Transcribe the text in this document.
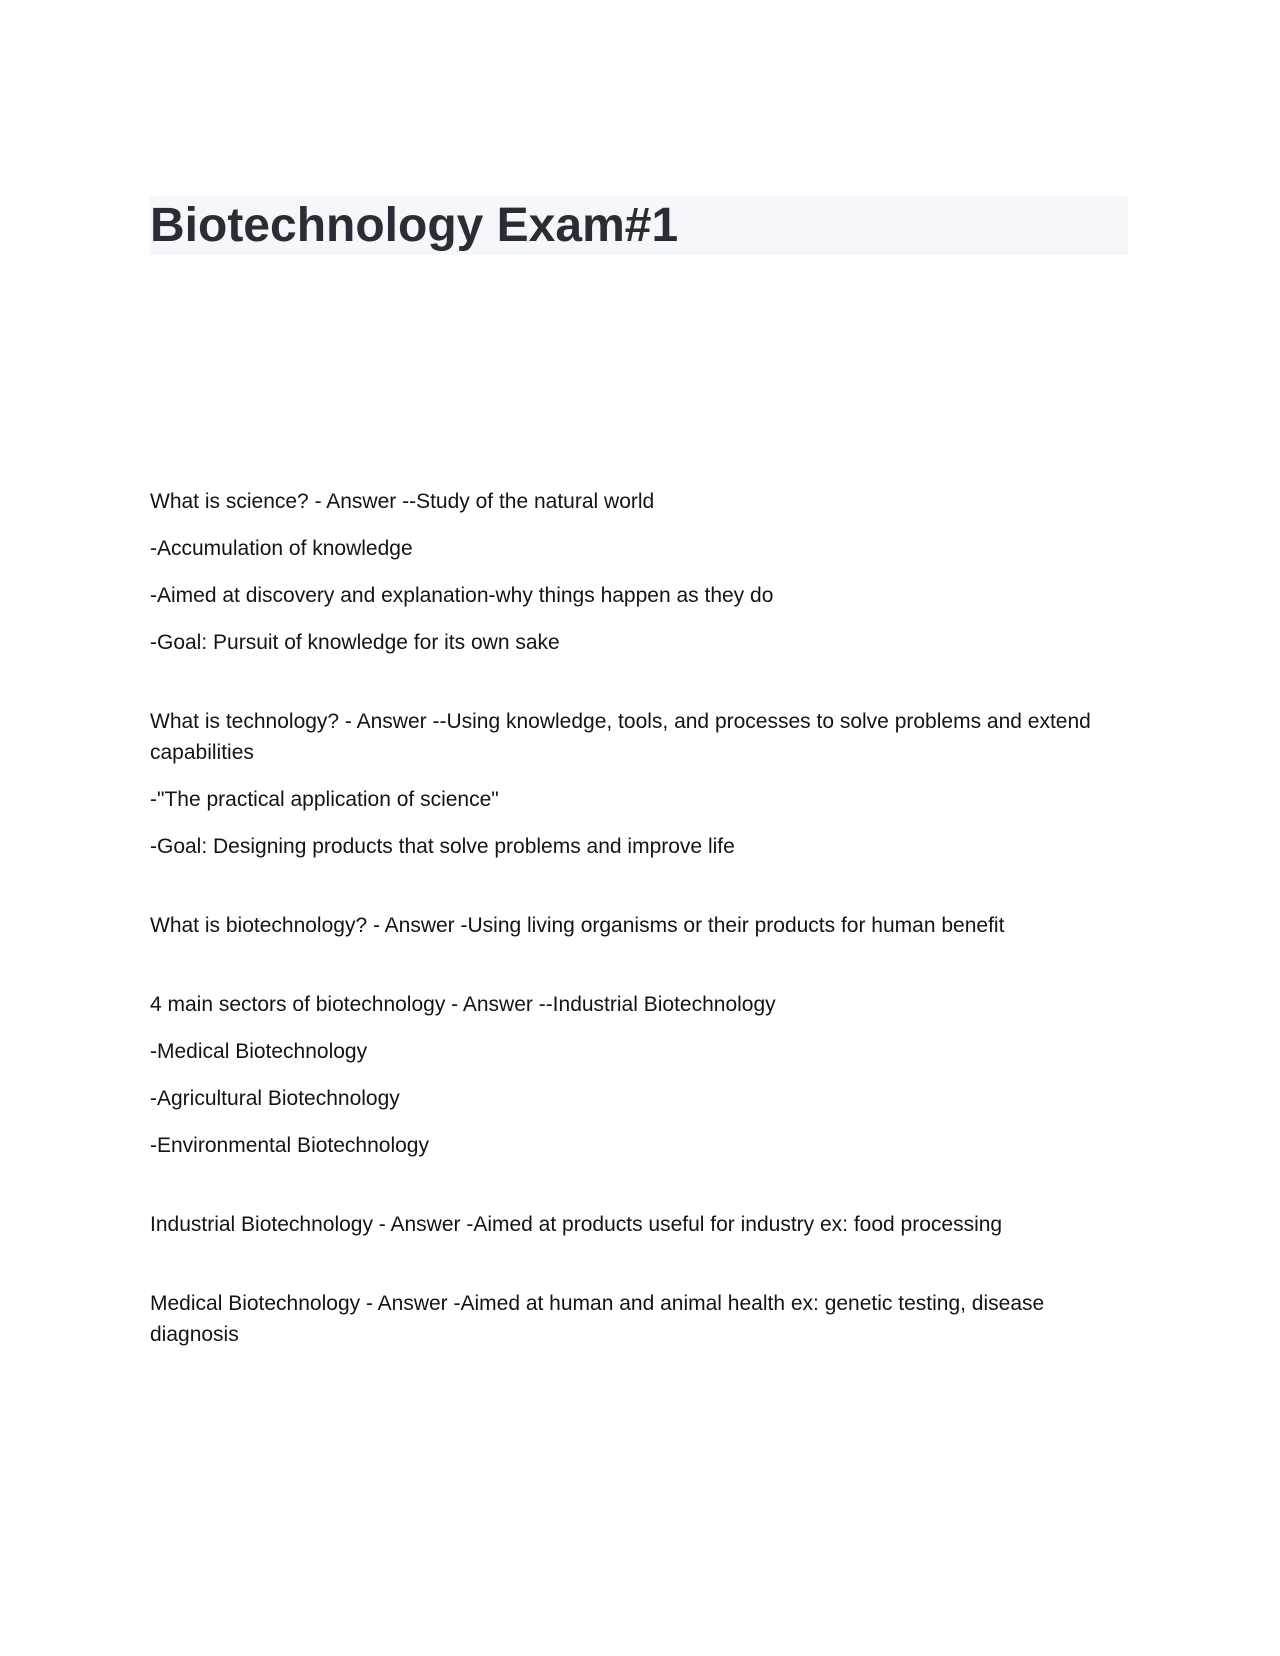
Biotechnology Exam#1

What is science? - Answer --Study of the natural world

-Accumulation of knowledge

-Aimed at discovery and explanation-why things happen as they do

-Goal: Pursuit of knowledge for its own sake

What is technology? - Answer --Using knowledge, tools, and processes to solve problems and extend capabilities

-"The practical application of science"

-Goal: Designing products that solve problems and improve life

What is biotechnology? - Answer -Using living organisms or their products for human benefit

4 main sectors of biotechnology - Answer --Industrial Biotechnology

-Medical Biotechnology

-Agricultural Biotechnology

-Environmental Biotechnology

Industrial Biotechnology - Answer -Aimed at products useful for industry ex: food processing

Medical Biotechnology - Answer -Aimed at human and animal health ex: genetic testing, disease diagnosis
